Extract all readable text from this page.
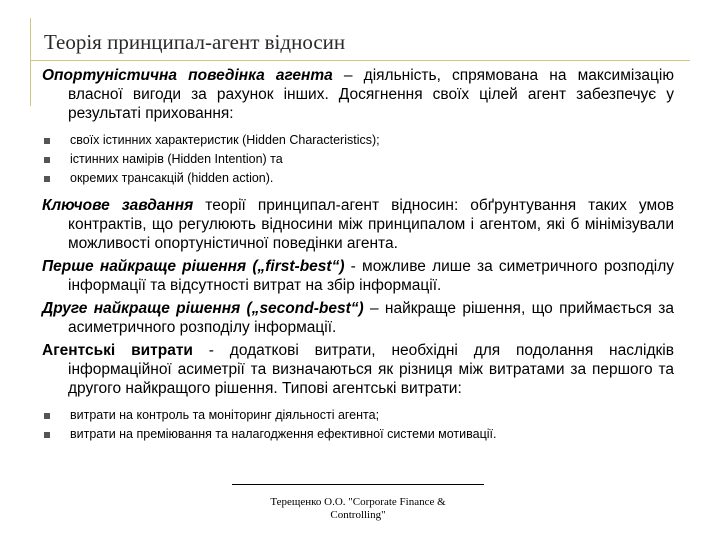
Теорія принципал-агент відносин

Опортуністична поведінка агента – діяльність, спрямована на максимізацію власної вигоди за рахунок інших. Досягнення своїх цілей агент забезпечує у результаті приховання:

своїх істинних характеристик (Hidden Characteristics);
істинних намірів (Hidden Intention) та
окремих трансакцій (hidden action).

Ключове завдання теорії принципал-агент відносин: обґрунтування таких умов контрактів, що регулюють відносини між принципалом і агентом, які б мінімізували можливості опортуністичної поведінки агента.

Перше найкраще рішення („first-best“) - можливе лише за симетричного розподілу інформації та відсутності витрат на збір інформації.

Друге найкраще рішення („second-best“) – найкраще рішення, що приймається за асиметричного розподілу інформації.

Агентські витрати - додаткові витрати, необхідні для подолання наслідків інформаційної асиметрії та визначаються як різниця між витратами за першого та другого найкращого рішення. Типові агентські витрати:

витрати на контроль та моніторинг діяльності агента;
витрати на преміювання та налагодження ефективної системи мотивації.
Терещенко О.О. "Corporate Finance &
Controlling"
